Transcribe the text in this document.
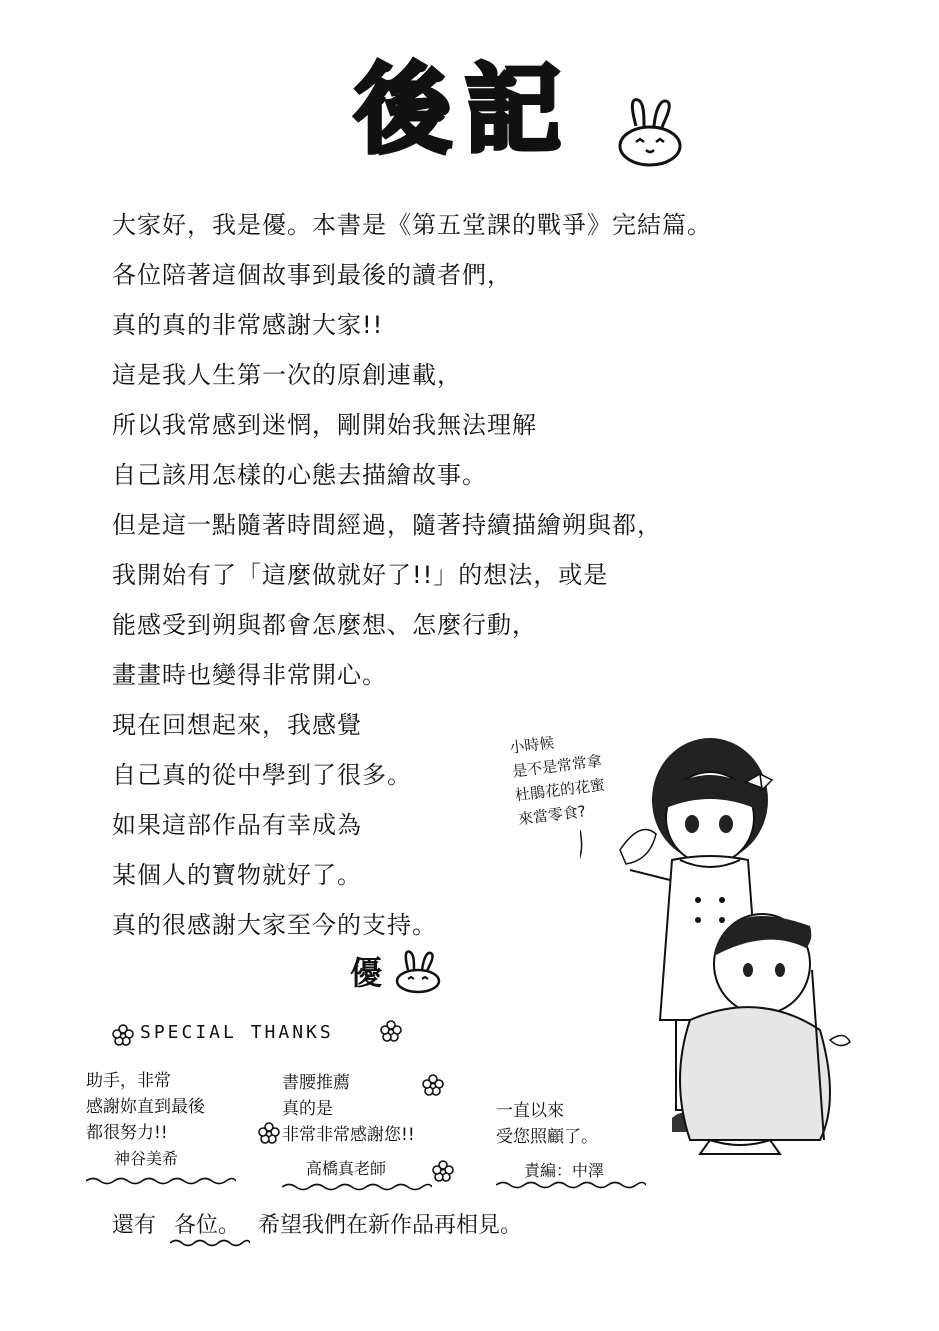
後記
大家好，我是優。本書是《第五堂課的戰爭》完結篇。
各位陪著這個故事到最後的讀者們，
真的真的非常感謝大家!!
這是我人生第一次的原創連載，
所以我常感到迷惘，剛開始我無法理解
自己該用怎樣的心態去描繪故事。
但是這一點隨著時間經過，隨著持續描繪朔與都，
我開始有了「這麼做就好了!!」的想法，或是
能感受到朔與都會怎麼想、怎麼行動，
畫畫時也變得非常開心。
現在回想起來，我感覺
自己真的從中學到了很多。
如果這部作品有幸成為
某個人的寶物就好了。
真的很感謝大家至今的支持。
小時候
是不是常常拿
杜鵑花的花蜜
來當零食?
優
SPECIAL THANKS
助手，非常
感謝妳直到最後
都很努力!!
神谷美希
書腰推薦
真的是
非常非常感謝您!!
高橋真老師
一直以來
受您照顧了。
責編：中澤
還有 各位。 希望我們在新作品再相見。
